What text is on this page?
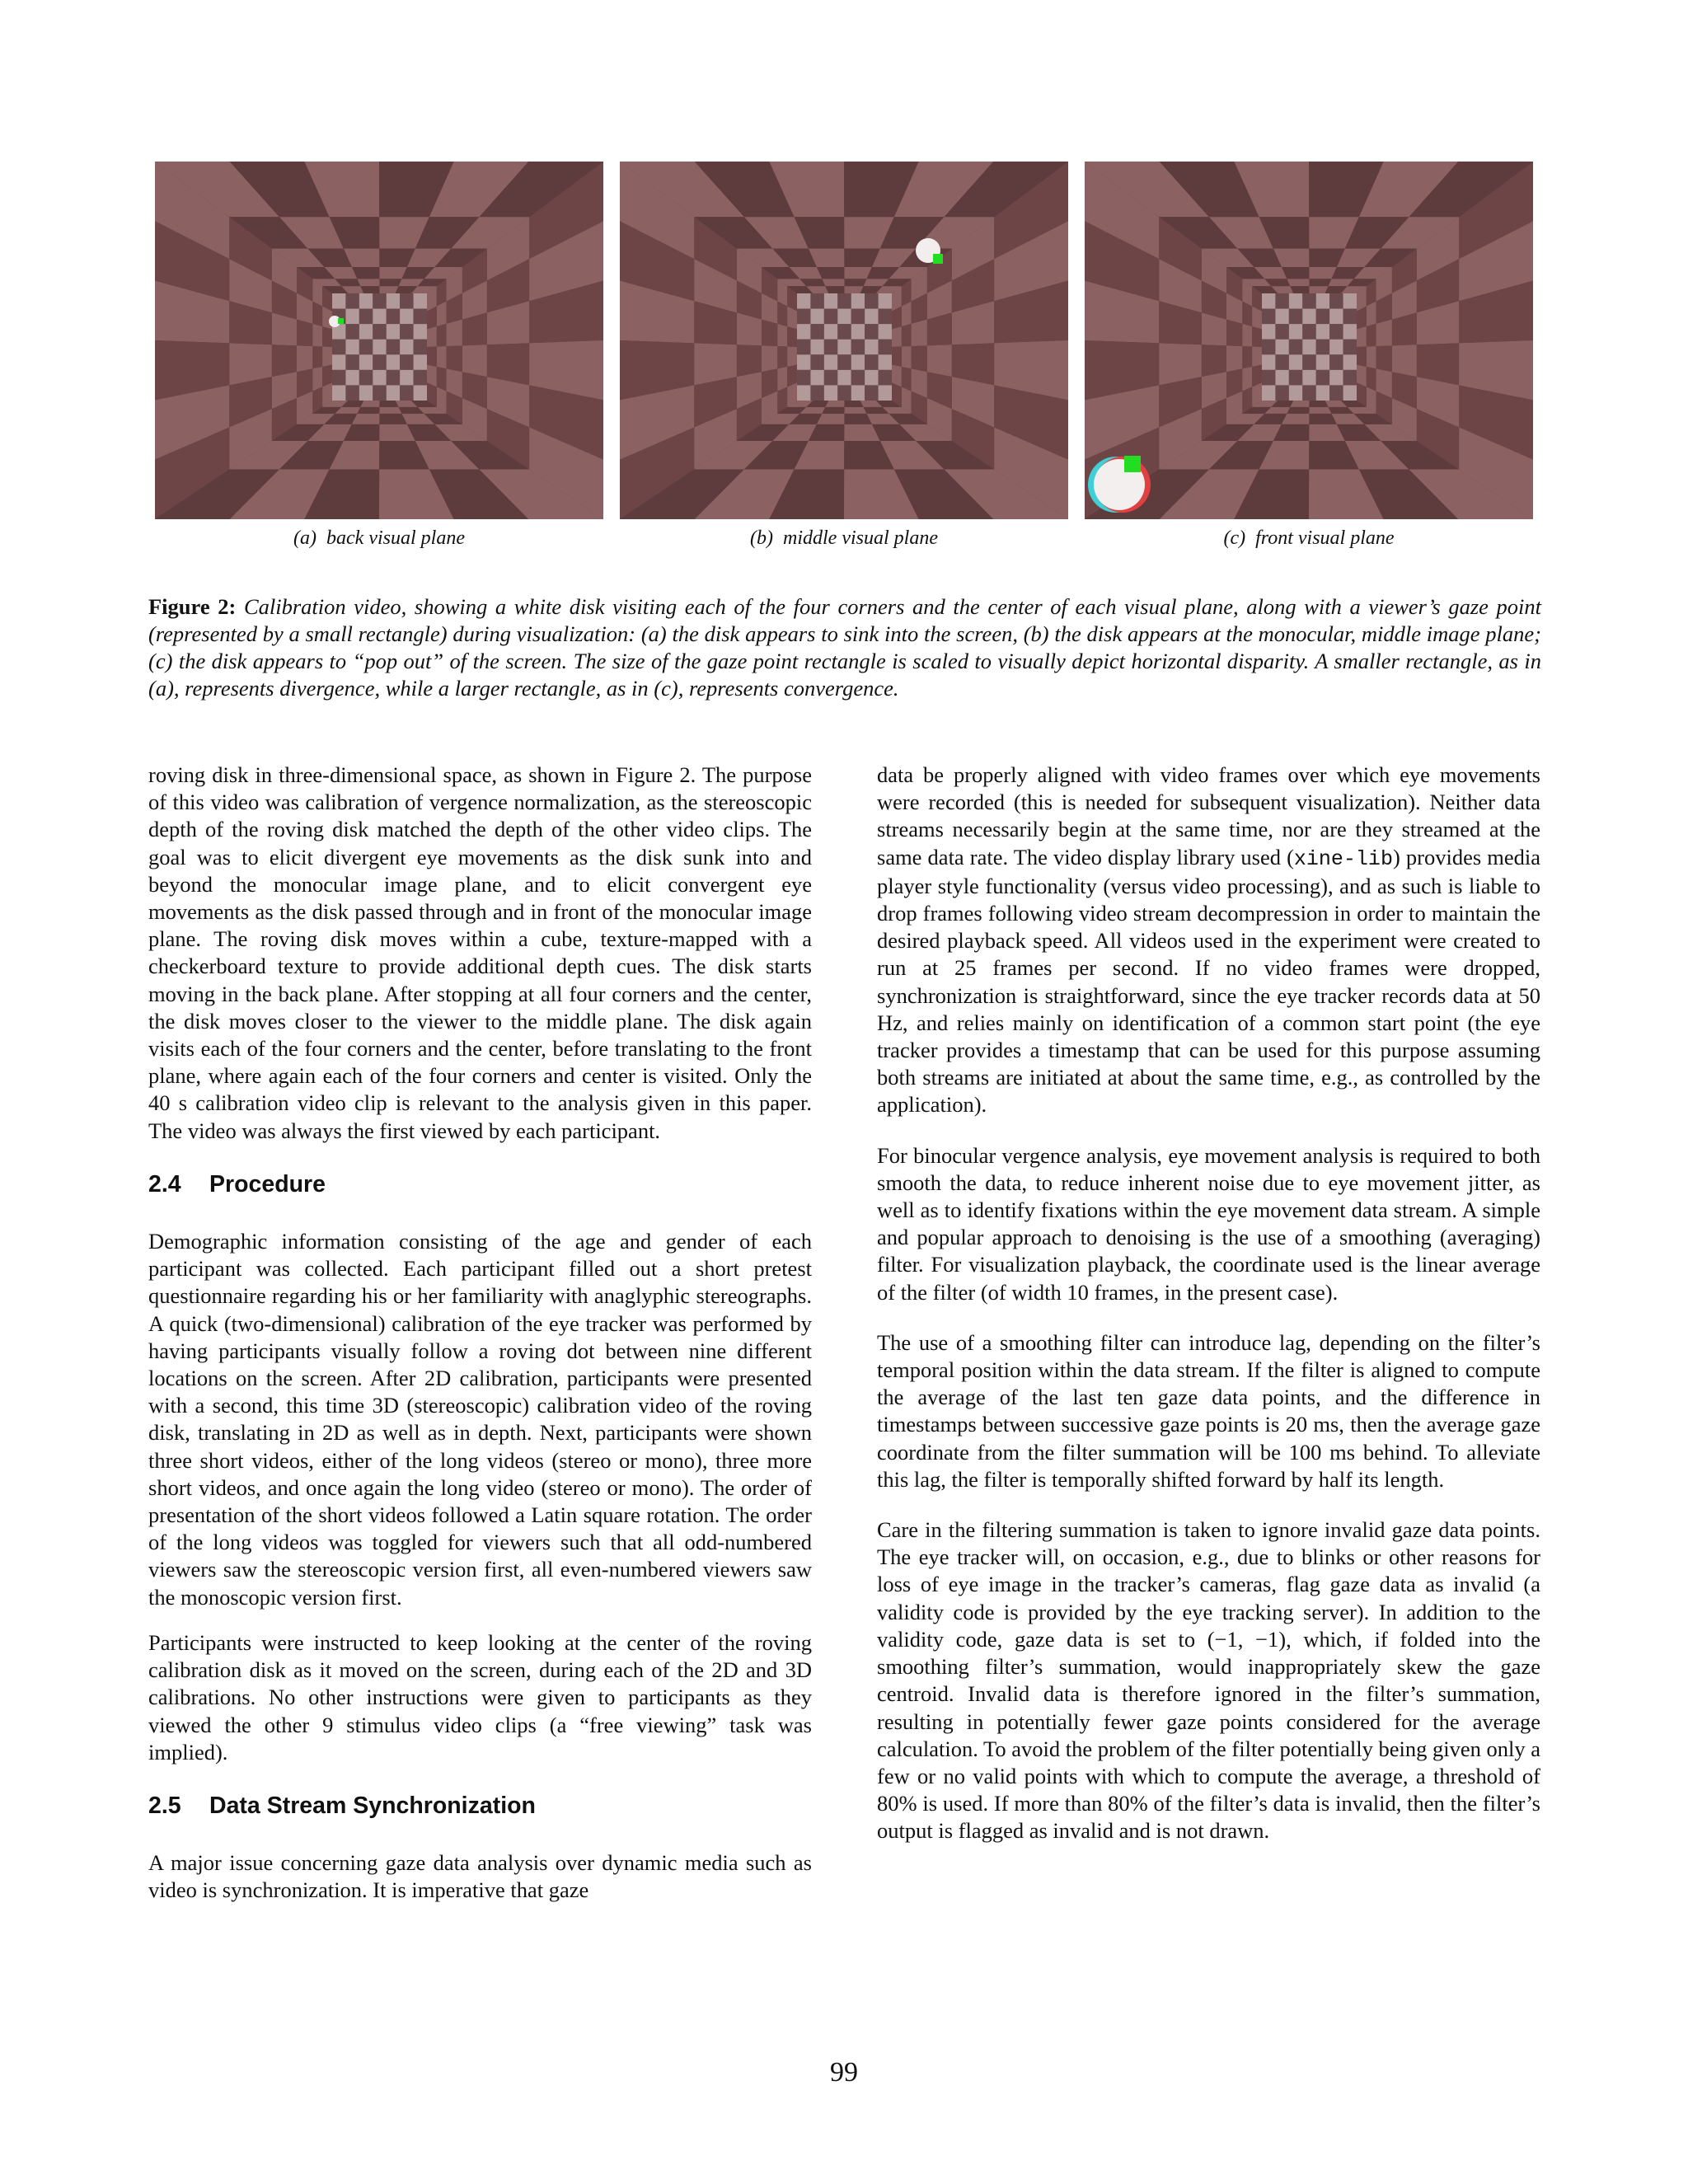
(a) back visual plane	(b) middle visual plane	(c) front visual plane
Figure 2: Calibration video, showing a white disk visiting each of the four corners and the center of each visual plane, along with a viewer’s gaze point (represented by a small rectangle) during visualization: (a) the disk appears to sink into the screen, (b) the disk appears at the monocular, middle image plane; (c) the disk appears to “pop out” of the screen. The size of the gaze point rectangle is scaled to visually depict horizontal disparity. A smaller rectangle, as in (a), represents divergence, while a larger rectangle, as in (c), represents convergence.

roving disk in three-dimensional space, as shown in Figure 2. The purpose of this video was calibration of vergence normalization, as the stereoscopic depth of the roving disk matched the depth of the other video clips. The goal was to elicit divergent eye movements as the disk sunk into and beyond the monocular image plane, and to elicit convergent eye movements as the disk passed through and in front of the monocular image plane. The roving disk moves within a cube, texture-mapped with a checkerboard texture to provide additional depth cues. The disk starts moving in the back plane. After stopping at all four corners and the center, the disk moves closer to the viewer to the middle plane. The disk again visits each of the four corners and the center, before translating to the front plane, where again each of the four corners and center is visited. Only the 40 s calibration video clip is relevant to the analysis given in this paper. The video was always the first viewed by each participant.

2.4 Procedure

Demographic information consisting of the age and gender of each participant was collected. Each participant filled out a short pretest questionnaire regarding his or her familiarity with anaglyphic stereographs. A quick (two-dimensional) calibration of the eye tracker was performed by having participants visually follow a roving dot between nine different locations on the screen. After 2D calibration, participants were presented with a second, this time 3D (stereoscopic) calibration video of the roving disk, translating in 2D as well as in depth. Next, participants were shown three short videos, either of the long videos (stereo or mono), three more short videos, and once again the long video (stereo or mono). The order of presentation of the short videos followed a Latin square rotation. The order of the long videos was toggled for viewers such that all odd-numbered viewers saw the stereoscopic version first, all even-numbered viewers saw the monoscopic version first.

Participants were instructed to keep looking at the center of the roving calibration disk as it moved on the screen, during each of the 2D and 3D calibrations. No other instructions were given to participants as they viewed the other 9 stimulus video clips (a “free viewing” task was implied).

2.5 Data Stream Synchronization

A major issue concerning gaze data analysis over dynamic media such as video is synchronization. It is imperative that gaze

data be properly aligned with video frames over which eye movements were recorded (this is needed for subsequent visualization). Neither data streams necessarily begin at the same time, nor are they streamed at the same data rate. The video display library used (xine-lib) provides media player style functionality (versus video processing), and as such is liable to drop frames following video stream decompression in order to maintain the desired playback speed. All videos used in the experiment were created to run at 25 frames per second. If no video frames were dropped, synchronization is straightforward, since the eye tracker records data at 50 Hz, and relies mainly on identification of a common start point (the eye tracker provides a timestamp that can be used for this purpose assuming both streams are initiated at about the same time, e.g., as controlled by the application).

For binocular vergence analysis, eye movement analysis is required to both smooth the data, to reduce inherent noise due to eye movement jitter, as well as to identify fixations within the eye movement data stream. A simple and popular approach to denoising is the use of a smoothing (averaging) filter. For visualization playback, the coordinate used is the linear average of the filter (of width 10 frames, in the present case).

The use of a smoothing filter can introduce lag, depending on the filter’s temporal position within the data stream. If the filter is aligned to compute the average of the last ten gaze data points, and the difference in timestamps between successive gaze points is 20 ms, then the average gaze coordinate from the filter summation will be 100 ms behind. To alleviate this lag, the filter is temporally shifted forward by half its length.

Care in the filtering summation is taken to ignore invalid gaze data points. The eye tracker will, on occasion, e.g., due to blinks or other reasons for loss of eye image in the tracker’s cameras, flag gaze data as invalid (a validity code is provided by the eye tracking server). In addition to the validity code, gaze data is set to (−1, −1), which, if folded into the smoothing filter’s summation, would inappropriately skew the gaze centroid. Invalid data is therefore ignored in the filter’s summation, resulting in potentially fewer gaze points considered for the average calculation. To avoid the problem of the filter potentially being given only a few or no valid points with which to compute the average, a threshold of 80% is used. If more than 80% of the filter’s data is invalid, then the filter’s output is flagged as invalid and is not drawn.

99
